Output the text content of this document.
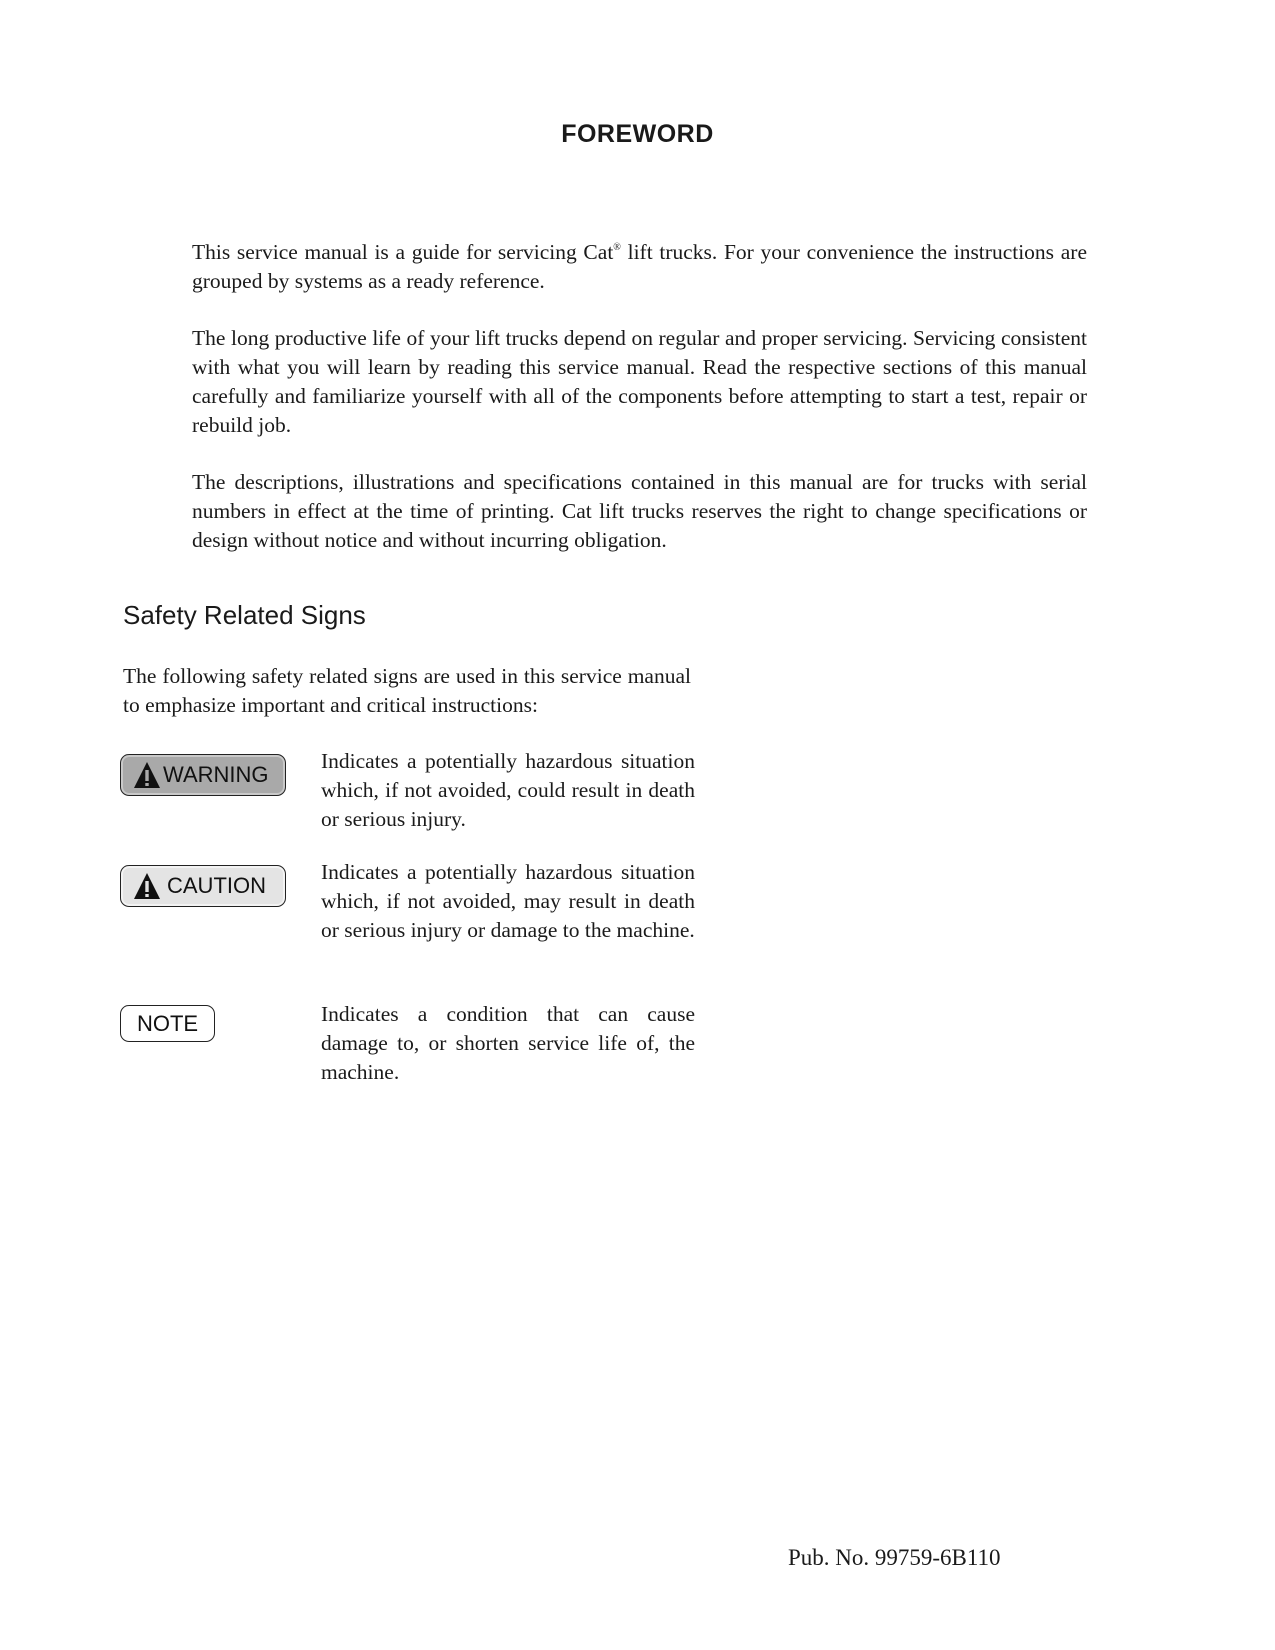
FOREWORD

This service manual is a guide for servicing Cat® lift trucks. For your convenience the instructions are grouped by systems as a ready reference.

The long productive life of your lift trucks depend on regular and proper servicing. Servicing consistent with what you will learn by reading this service manual. Read the respective sections of this manual carefully and familiarize yourself with all of the components before attempting to start a test, repair or rebuild job.

The descriptions, illustrations and specifications contained in this manual are for trucks with serial numbers in effect at the time of printing. Cat lift trucks reserves the right to change specifications or design without notice and without incurring obligation.

Safety Related Signs

The following safety related signs are used in this service manual to emphasize important and critical instructions:

WARNING

Indicates a potentially hazardous situation which, if not avoided, could result in death or serious injury.

CAUTION

Indicates a potentially hazardous situation which, if not avoided, may result in death or serious injury or damage to the machine.

NOTE	Indicates a condition that can cause damage to, or shorten service life of, the machine.

Pub. No. 99759-6B110
